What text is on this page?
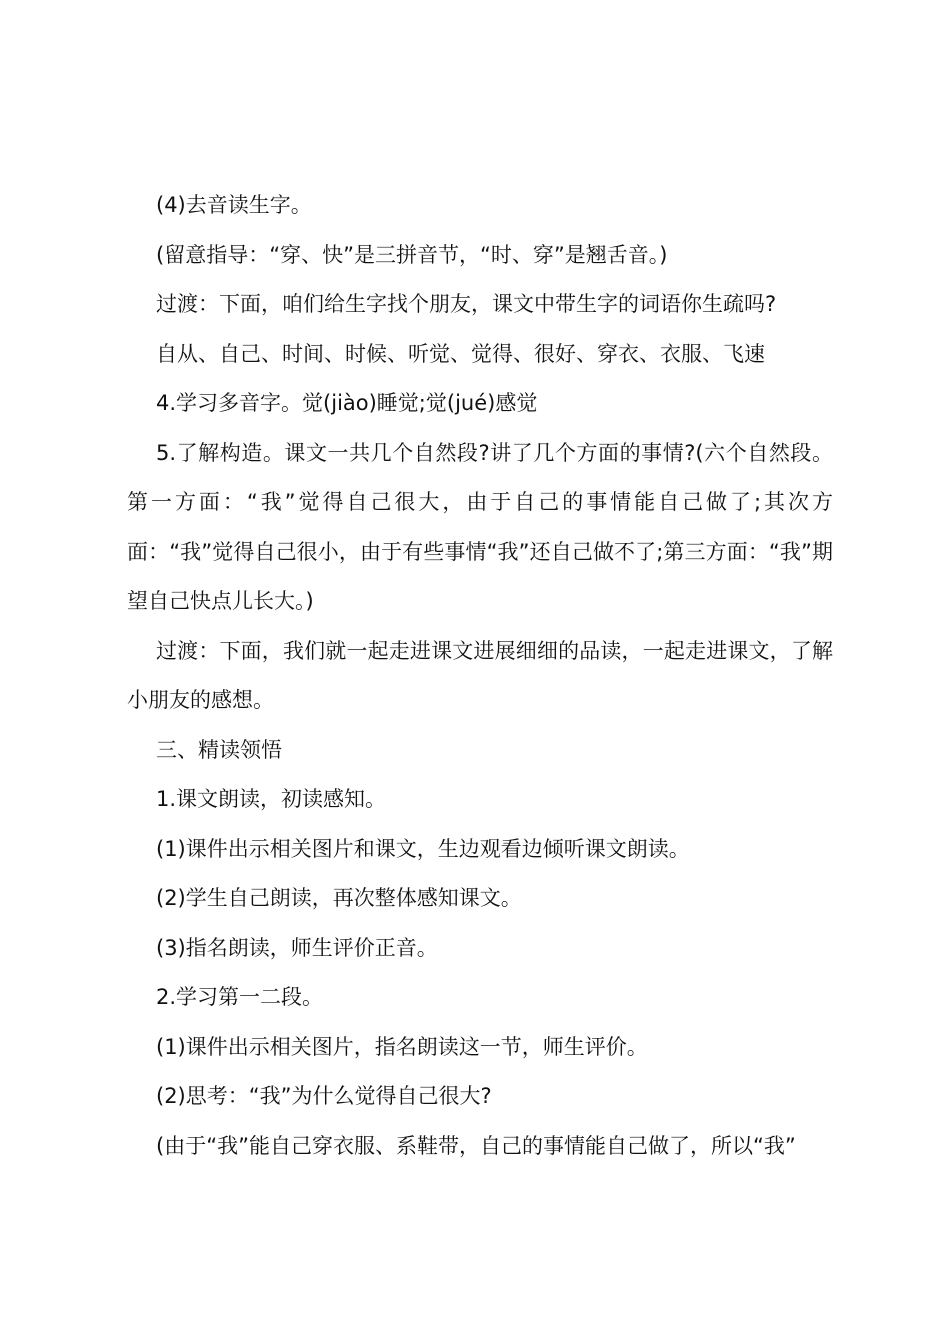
(4)去音读生字。

(留意指导：“穿、快”是三拼音节，“时、穿”是翘舌音。)

过渡：下面，咱们给生字找个朋友，课文中带生字的词语你生疏吗?

自从、自己、时间、时候、听觉、觉得、很好、穿衣、衣服、飞速

4.学习多音字。觉(jiào)睡觉;觉(jué)感觉

5.了解构造。课文一共几个自然段?讲了几个方面的事情?(六个自然段。第一方面：“我”觉得自己很大，由于自己的事情能自己做了;其次方面：“我”觉得自己很小，由于有些事情“我”还自己做不了;第三方面：“我”期望自己快点儿长大。)

过渡：下面，我们就一起走进课文进展细细的品读，一起走进课文，了解小朋友的感想。

三、精读领悟

1.课文朗读，初读感知。

(1)课件出示相关图片和课文，生边观看边倾听课文朗读。

(2)学生自己朗读，再次整体感知课文。

(3)指名朗读，师生评价正音。

2.学习第一二段。

(1)课件出示相关图片，指名朗读这一节，师生评价。

(2)思考：“我”为什么觉得自己很大?

(由于“我”能自己穿衣服、系鞋带，自己的事情能自己做了，所以“我”
